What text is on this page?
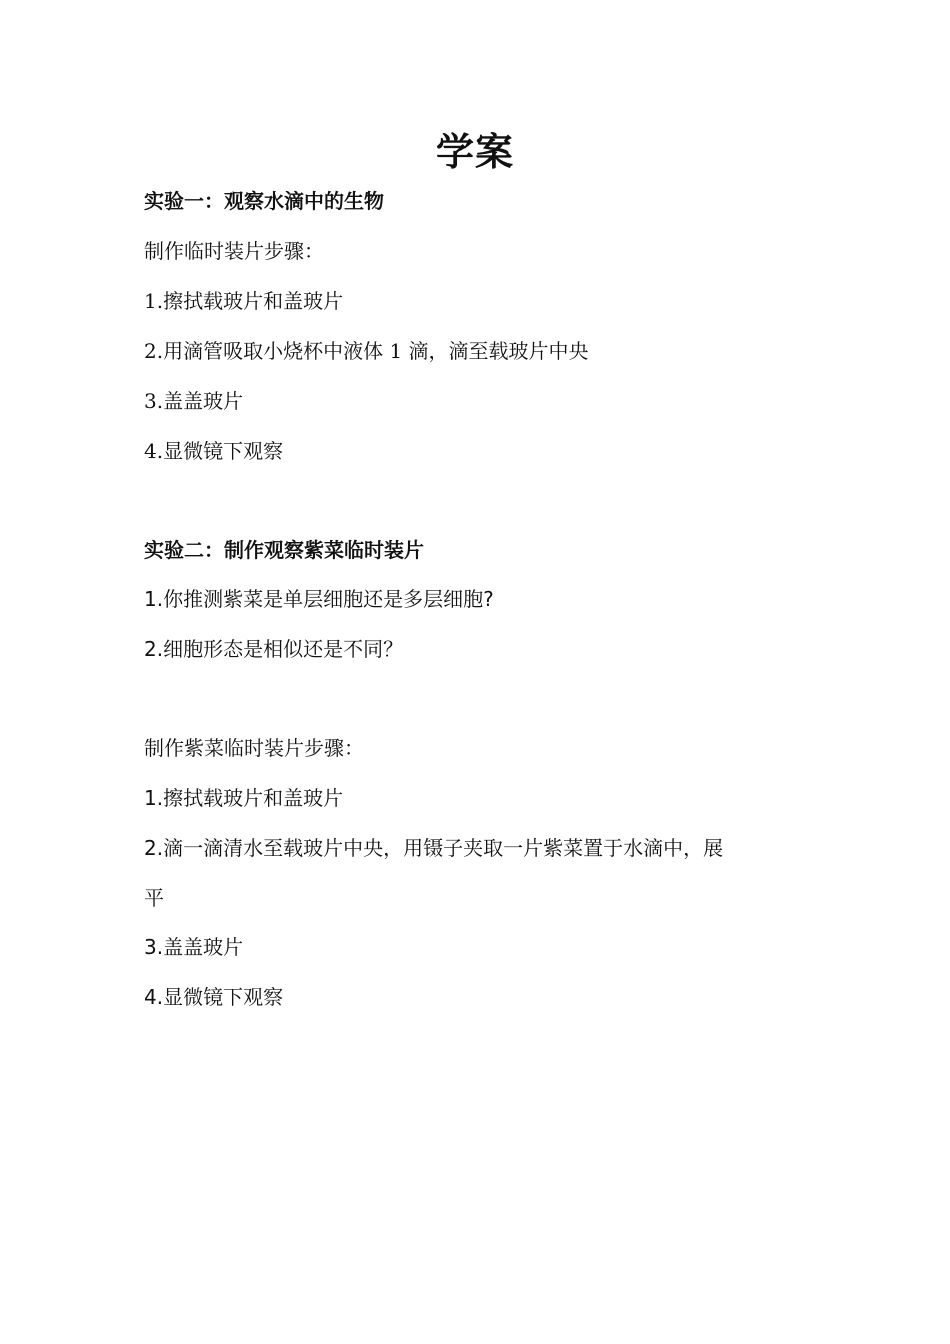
学案
实验一：观察水滴中的生物
制作临时装片步骤：
1.擦拭载玻片和盖玻片
2.用滴管吸取小烧杯中液体 1 滴，滴至载玻片中央
3.盖盖玻片
4.显微镜下观察
实验二：制作观察紫菜临时装片
1.你推测紫菜是单层细胞还是多层细胞?
2.细胞形态是相似还是不同？
制作紫菜临时装片步骤：
1.擦拭载玻片和盖玻片
2.滴一滴清水至载玻片中央，用镊子夹取一片紫菜置于水滴中，展
平
3.盖盖玻片
4.显微镜下观察
